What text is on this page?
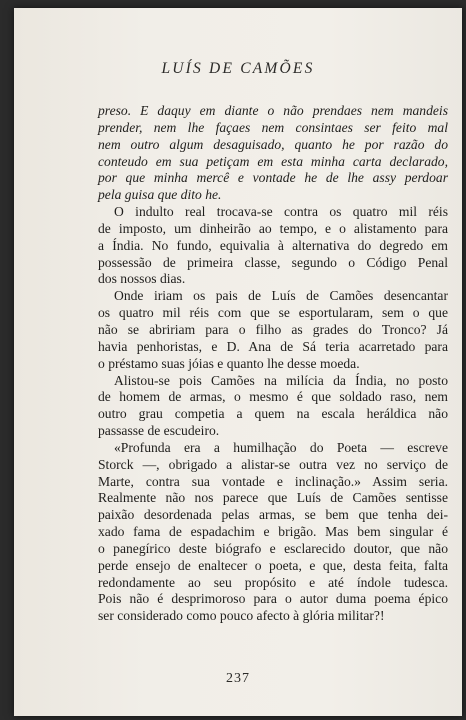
LUÍS DE CAMÕES
preso. E daquy em diante o não prendaes nem mandeis
prender, nem lhe façaes nem consintaes ser feito mal
nem outro algum desaguisado, quanto he por razão do
conteudo em sua petiçam em esta minha carta declarado,
por que minha mercê e vontade he de lhe assy perdoar
pela guisa que dito he.
O indulto real trocava-se contra os quatro mil réis
de imposto, um dinheirão ao tempo, e o alistamento para
a Índia. No fundo, equivalia à alternativa do degredo em
possessão de primeira classe, segundo o Código Penal
dos nossos dias.
Onde iriam os pais de Luís de Camões desencantar
os quatro mil réis com que se esportularam, sem o que
não se abririam para o filho as grades do Tronco? Já
havia penhoristas, e D. Ana de Sá teria acarretado para
o préstamo suas jóias e quanto lhe desse moeda.
Alistou-se pois Camões na milícia da Índia, no posto
de homem de armas, o mesmo é que soldado raso, nem
outro grau competia a quem na escala heráldica não
passasse de escudeiro.
«Profunda era a humilhação do Poeta — escreve
Storck —, obrigado a alistar-se outra vez no serviço de
Marte, contra sua vontade e inclinação.» Assim seria.
Realmente não nos parece que Luís de Camões sentisse
paixão desordenada pelas armas, se bem que tenha dei-
xado fama de espadachim e brigão. Mas bem singular é
o panegírico deste biógrafo e esclarecido doutor, que não
perde ensejo de enaltecer o poeta, e que, desta feita, falta
redondamente ao seu propósito e até índole tudesca.
Pois não é desprimoroso para o autor duma poema épico
ser considerado como pouco afecto à glória militar?!
237
